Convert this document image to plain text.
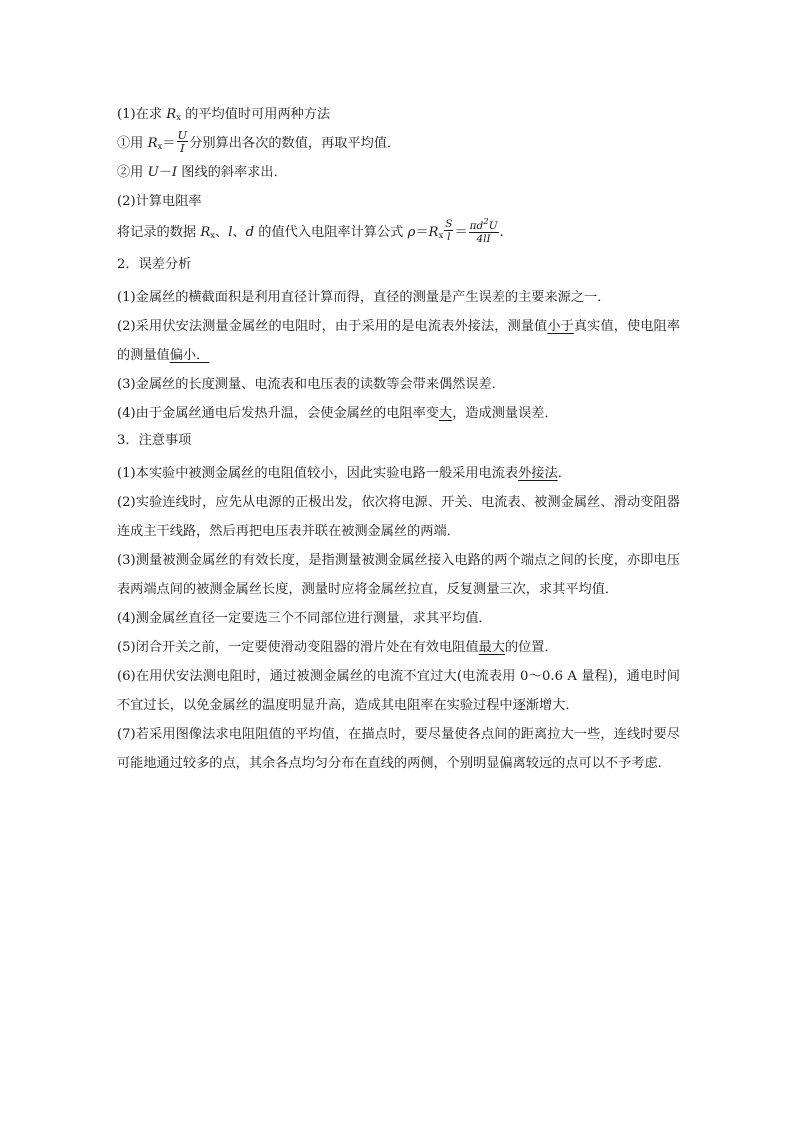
(1)在求 $R_x$ 的平均值时可用两种方法
①用 $R_x= \frac{U}{I}$ 分别算出各次的数值，再取平均值．
②用 U－I 图线的斜率求出．
(2)计算电阻率
将记录的数据 $R_x$、l、d 的值代入电阻率计算公式 $\rho=R_x \frac{S}{l} = \frac{\pi d^2U}{4lI}$ .
2．误差分析

(1)金属丝的横截面积是利用直径计算而得，直径的测量是产生误差的主要来源之一．

(2)采用伏安法测量金属丝的电阻时，由于采用的是电流表外接法，测量值小于真实值，使电阻率的测量值偏小．

(3)金属丝的长度测量、电流表和电压表的读数等会带来偶然误差．

(4)由于金属丝通电后发热升温，会使金属丝的电阻率变大，造成测量误差．

3．注意事项

(1)本实验中被测金属丝的电阻值较小，因此实验电路一般采用电流表外接法．

(2)实验连线时，应先从电源的正极出发，依次将电源、开关、电流表、被测金属丝、滑动变阻器连成主干线路，然后再把电压表并联在被测金属丝的两端．

(3)测量被测金属丝的有效长度，是指测量被测金属丝接入电路的两个端点之间的长度，亦即电压表两端点间的被测金属丝长度，测量时应将金属丝拉直，反复测量三次，求其平均值．

(4)测金属丝直径一定要选三个不同部位进行测量，求其平均值．

(5)闭合开关之前，一定要使滑动变阻器的滑片处在有效电阻值最大的位置．

(6)在用伏安法测电阻时，通过被测金属丝的电流不宜过大(电流表用 0～0.6 A 量程)，通电时间不宜过长，以免金属丝的温度明显升高，造成其电阻率在实验过程中逐渐增大．

(7)若采用图像法求电阻阻值的平均值，在描点时，要尽量使各点间的距离拉大一些，连线时要尽可能地通过较多的点，其余各点均匀分布在直线的两侧，个别明显偏离较远的点可以不予考虑.
